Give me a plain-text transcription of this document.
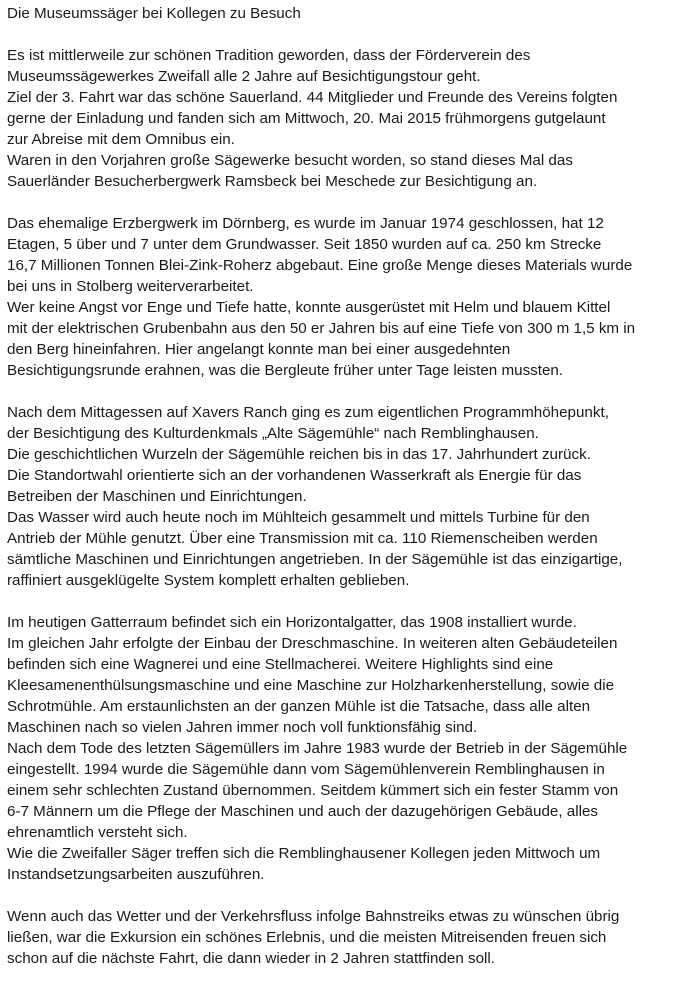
Die Museumssäger bei Kollegen zu Besuch
Es ist mittlerweile zur schönen Tradition geworden, dass der Förderverein des
Museumssägewerkes Zweifall alle 2 Jahre auf Besichtigungstour geht.
Ziel der 3. Fahrt war das schöne Sauerland. 44 Mitglieder und Freunde des Vereins folgten
gerne der Einladung und fanden sich am Mittwoch, 20. Mai 2015 frühmorgens gutgelaunt
zur Abreise mit dem Omnibus ein.
Waren in den Vorjahren große Sägewerke besucht worden, so stand dieses Mal das
Sauerländer Besucherbergwerk Ramsbeck bei Meschede zur Besichtigung an.
Das ehemalige Erzbergwerk im Dörnberg, es wurde im Januar 1974 geschlossen, hat 12
Etagen, 5 über und 7 unter dem Grundwasser. Seit 1850 wurden auf ca. 250 km Strecke
16,7 Millionen Tonnen Blei-Zink-Roherz abgebaut. Eine große Menge dieses Materials wurde
bei uns in Stolberg weiterverarbeitet.
Wer keine Angst vor Enge und Tiefe hatte, konnte ausgerüstet mit Helm und blauem Kittel
mit der elektrischen Grubenbahn aus den 50 er Jahren bis auf eine Tiefe von 300 m 1,5 km in
den Berg hineinfahren. Hier angelangt konnte man bei einer ausgedehnten
Besichtigungsrunde erahnen, was die Bergleute früher unter Tage leisten mussten.
Nach dem Mittagessen auf Xavers Ranch ging es zum eigentlichen Programmhöhepunkt,
der Besichtigung des Kulturdenkmals „Alte Sägemühle“ nach Remblinghausen.
Die geschichtlichen Wurzeln der Sägemühle reichen bis in das 17. Jahrhundert zurück.
Die Standortwahl orientierte sich an der vorhandenen Wasserkraft als Energie für das
Betreiben der Maschinen und Einrichtungen.
Das Wasser wird auch heute noch im Mühlteich gesammelt und mittels Turbine für den
Antrieb der Mühle genutzt. Über eine Transmission mit ca. 110 Riemenscheiben werden
sämtliche Maschinen und Einrichtungen angetrieben. In der Sägemühle ist das einzigartige,
raffiniert ausgeklügelte System komplett erhalten geblieben.
Im heutigen Gatterraum befindet sich ein Horizontalgatter, das 1908 installiert wurde.
Im gleichen Jahr erfolgte der Einbau der Dreschmaschine. In weiteren alten Gebäudeteilen
befinden sich eine Wagnerei und eine Stellmacherei. Weitere Highlights sind eine
Kleesamenenthülsungsmaschine und eine Maschine zur Holzharkenherstellung, sowie die
Schrotmühle. Am erstaunlichsten an der ganzen Mühle ist die Tatsache, dass alle alten
Maschinen nach so vielen Jahren immer noch voll funktionsfähig sind.
Nach dem Tode des letzten Sägemüllers im Jahre 1983 wurde der Betrieb in der Sägemühle
eingestellt. 1994 wurde die Sägemühle dann vom Sägemühlenverein Remblinghausen in
einem sehr schlechten Zustand übernommen. Seitdem kümmert sich ein fester Stamm von
6-7 Männern um die Pflege der Maschinen und auch der dazugehörigen Gebäude, alles
ehrenamtlich versteht sich.
Wie die Zweifaller Säger treffen sich die Remblinghausener Kollegen jeden Mittwoch um
Instandsetzungsarbeiten auszuführen.
Wenn auch das Wetter und der Verkehrsfluss infolge Bahnstreiks etwas zu wünschen übrig
ließen, war die Exkursion ein schönes Erlebnis, und die meisten Mitreisenden freuen sich
schon auf die nächste Fahrt, die dann wieder in 2 Jahren stattfinden soll.
